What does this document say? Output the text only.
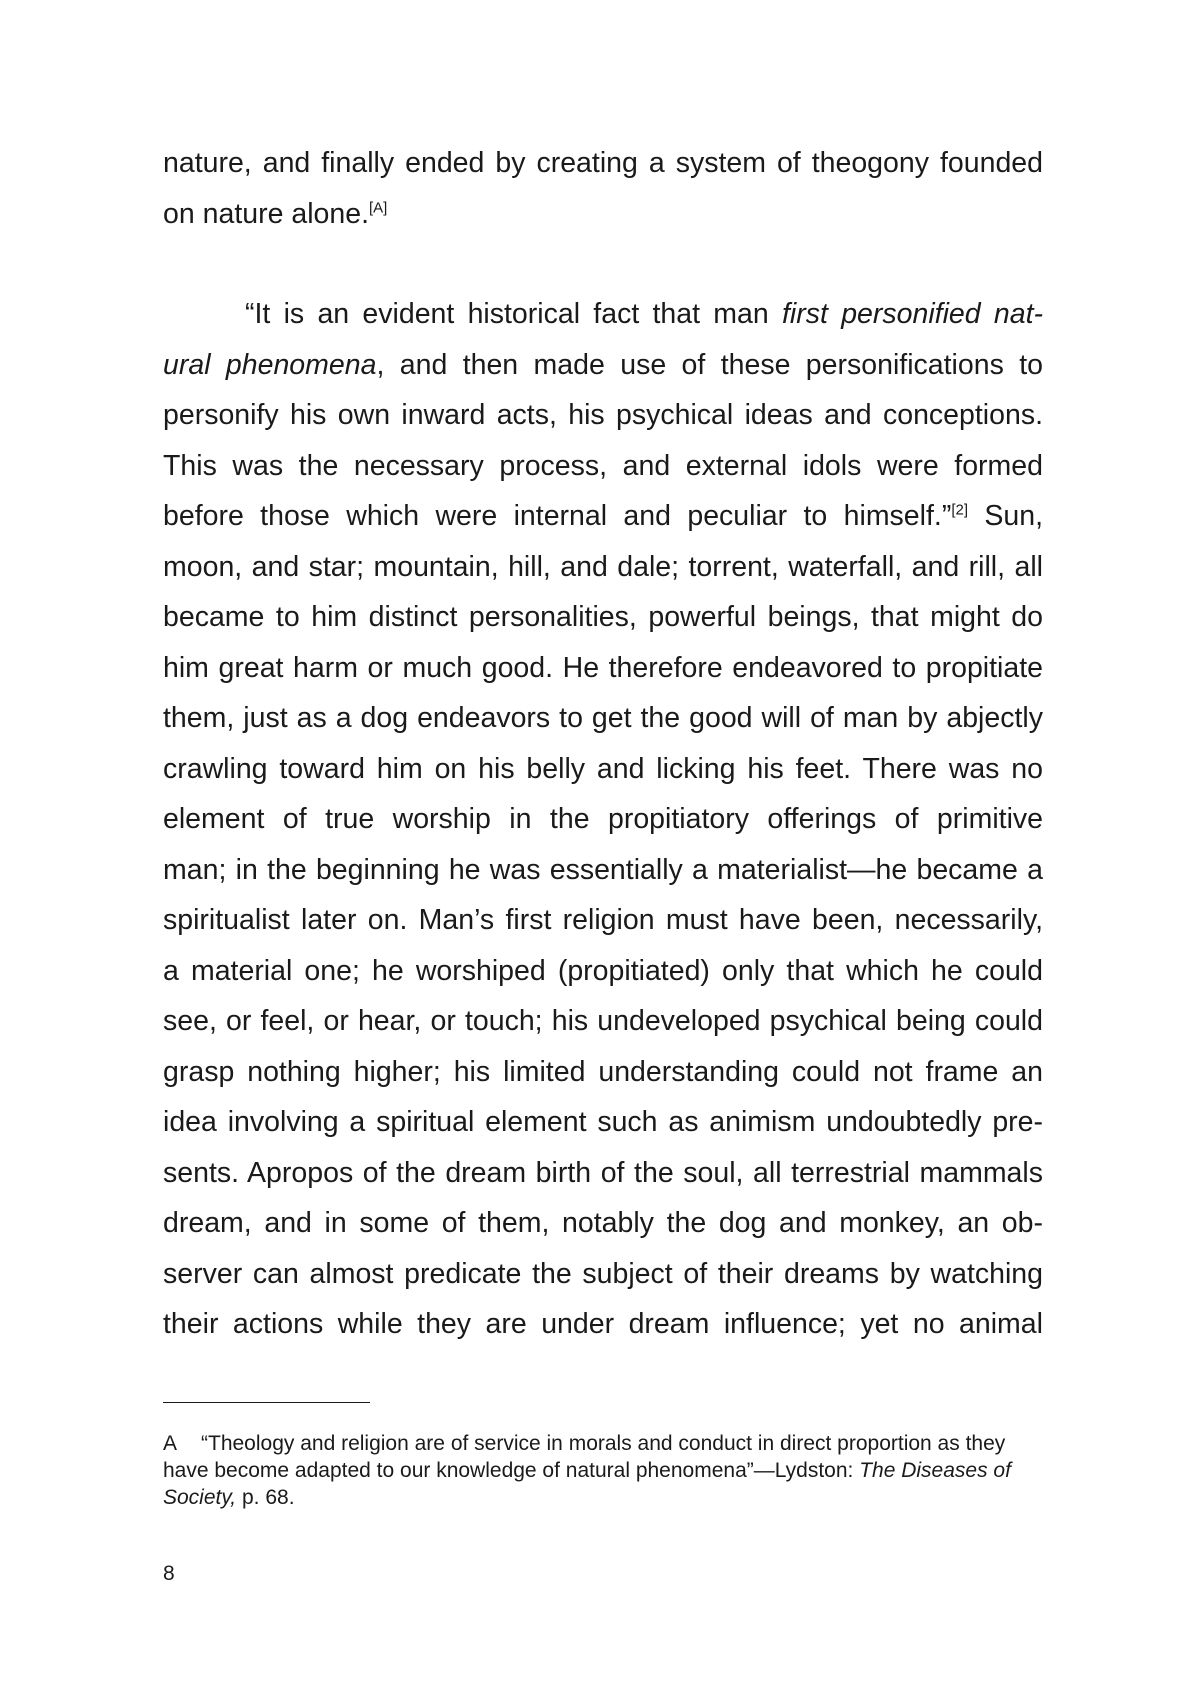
nature, and finally ended by creating a system of theogony founded
on nature alone.[A]
“It is an evident historical fact that man first personified nat-
ural phenomena, and then made use of these personifications to
personify his own inward acts, his psychical ideas and conceptions.
This was the necessary process, and external idols were formed
before those which were internal and peculiar to himself.”[2] Sun,
moon, and star; mountain, hill, and dale; torrent, waterfall, and rill, all
became to him distinct personalities, powerful beings, that might do
him great harm or much good. He therefore endeavored to propitiate
them, just as a dog endeavors to get the good will of man by abjectly
crawling toward him on his belly and licking his feet. There was no
element of true worship in the propitiatory offerings of primitive
man; in the beginning he was essentially a materialist—he became a
spiritualist later on. Man’s first religion must have been, necessarily,
a material one; he worshiped (propitiated) only that which he could
see, or feel, or hear, or touch; his undeveloped psychical being could
grasp nothing higher; his limited understanding could not frame an
idea involving a spiritual element such as animism undoubtedly pre-
sents. Apropos of the dream birth of the soul, all terrestrial mammals
dream, and in some of them, notably the dog and monkey, an ob-
server can almost predicate the subject of their dreams by watching
their actions while they are under dream influence; yet no animal

A “Theology and religion are of service in morals and conduct in direct proportion as they have become adapted to our knowledge of natural phenomena”—Lydston: The Diseases of Society, p. 68.

8
